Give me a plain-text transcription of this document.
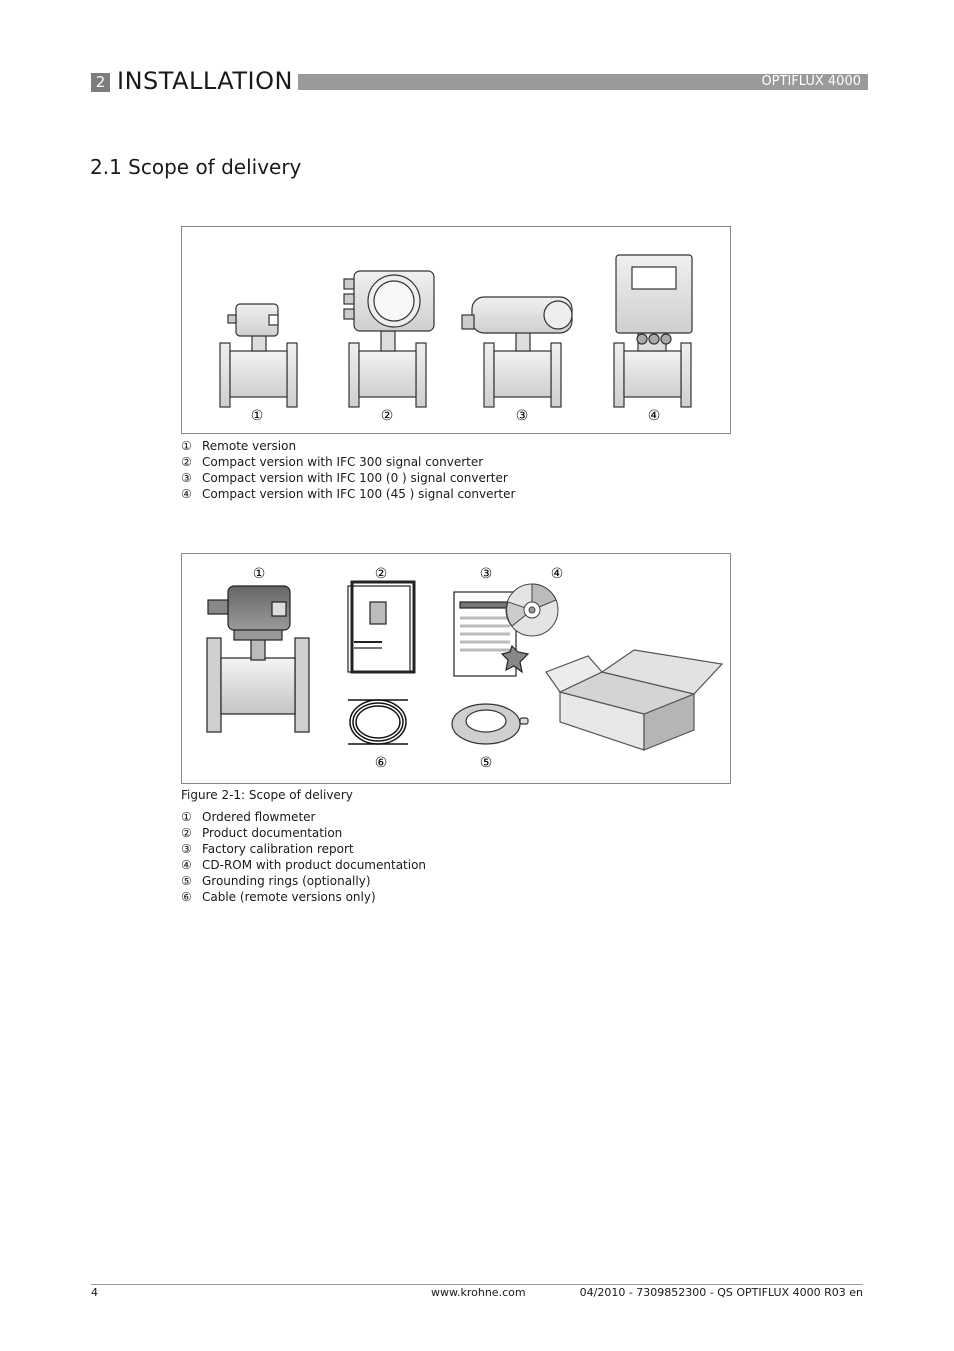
2 INSTALLATION	OPTIFLUX 4000
2.1 Scope of delivery
①	②	③	④
① Remote version
② Compact version with IFC 300 signal converter
③ Compact version with IFC 100 (0 ) signal converter
④ Compact version with IFC 100 (45 ) signal converter
①	②	③	④
⑥	⑤
Figure 2-1: Scope of delivery
① Ordered flowmeter
② Product documentation
③ Factory calibration report
④ CD-ROM with product documentation
⑤ Grounding rings (optionally)
⑥ Cable (remote versions only)
4	www.krohne.com	04/2010 - 7309852300 - QS OPTIFLUX 4000 R03 en
